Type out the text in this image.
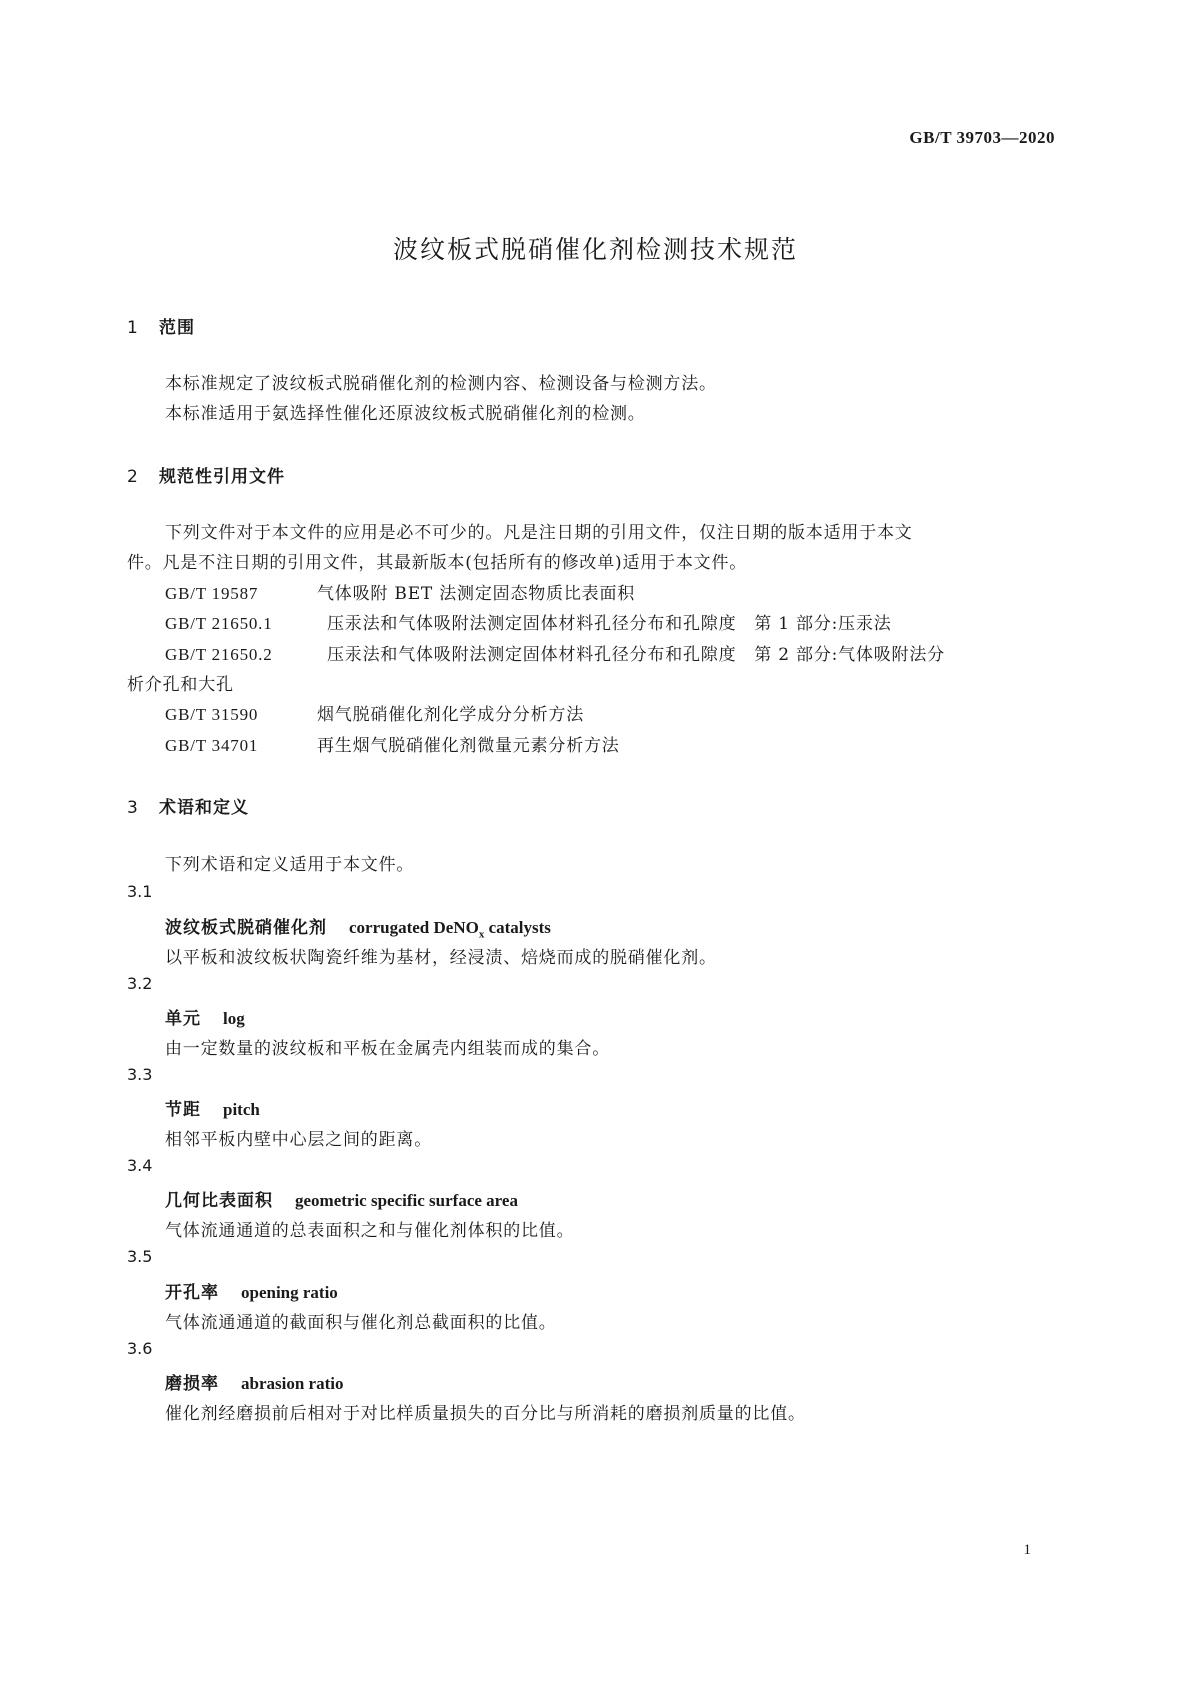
GB/T 39703—2020
波纹板式脱硝催化剂检测技术规范
1 范围
本标准规定了波纹板式脱硝催化剂的检测内容、检测设备与检测方法。
本标准适用于氨选择性催化还原波纹板式脱硝催化剂的检测。
2 规范性引用文件
下列文件对于本文件的应用是必不可少的。凡是注日期的引用文件，仅注日期的版本适用于本文
件。凡是不注日期的引用文件，其最新版本(包括所有的修改单)适用于本文件。
GB/T 19587	气体吸附 BET 法测定固态物质比表面积
GB/T 21650.1	压汞法和气体吸附法测定固体材料孔径分布和孔隙度　第 1 部分:压汞法
GB/T 21650.2	压汞法和气体吸附法测定固体材料孔径分布和孔隙度　第 2 部分:气体吸附法分
析介孔和大孔
GB/T 31590	烟气脱硝催化剂化学成分分析方法
GB/T 34701	再生烟气脱硝催化剂微量元素分析方法
3 术语和定义
下列术语和定义适用于本文件。
3.1
波纹板式脱硝催化剂 corrugated DeNO$_x$ catalysts
以平板和波纹板状陶瓷纤维为基材，经浸渍、焙烧而成的脱硝催化剂。
3.2
单元 log
由一定数量的波纹板和平板在金属壳内组装而成的集合。
3.3
节距 pitch
相邻平板内壁中心层之间的距离。
3.4
几何比表面积 geometric specific surface area
气体流通通道的总表面积之和与催化剂体积的比值。
3.5
开孔率 opening ratio
气体流通通道的截面积与催化剂总截面积的比值。
3.6
磨损率 abrasion ratio
催化剂经磨损前后相对于对比样质量损失的百分比与所消耗的磨损剂质量的比值。
1
